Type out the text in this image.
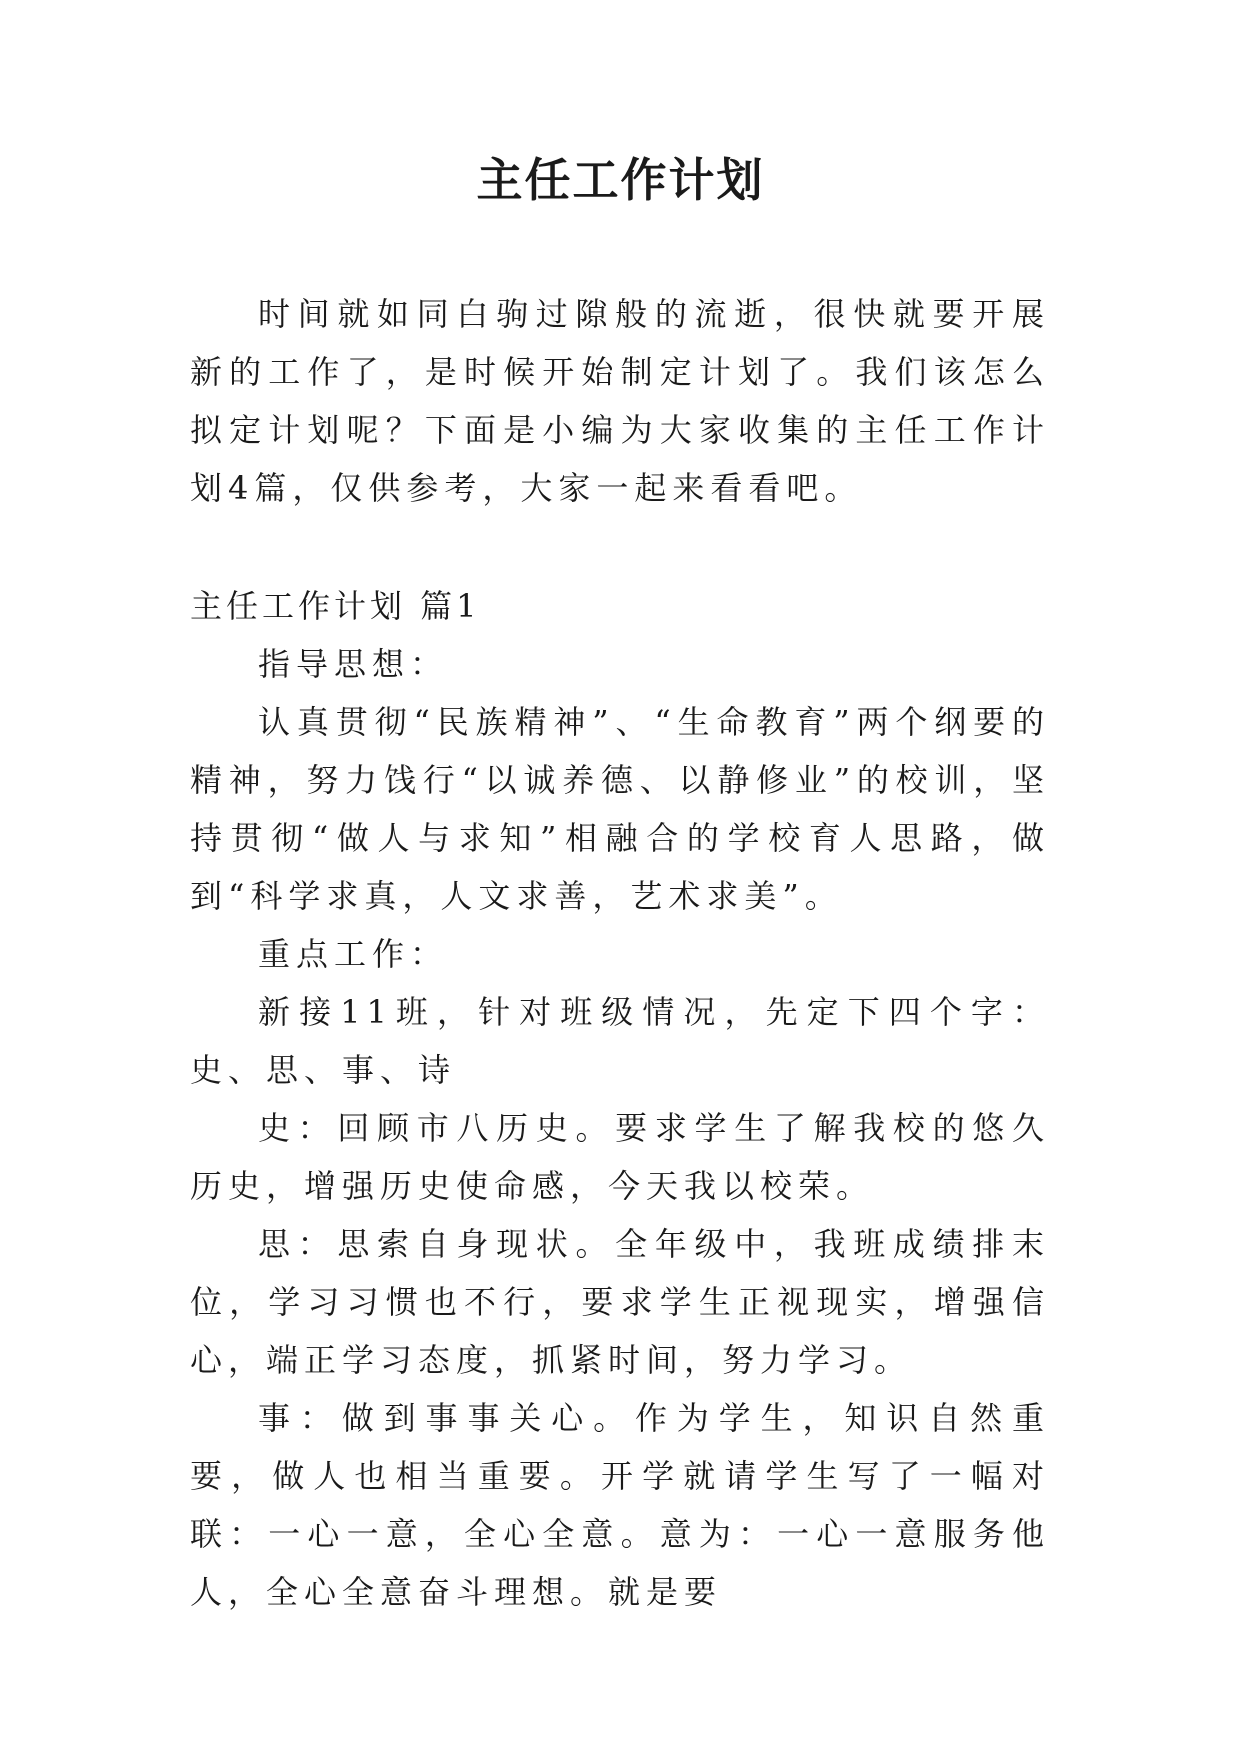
主任工作计划

时间就如同白驹过隙般的流逝，很快就要开展新的工作了，是时候开始制定计划了。我们该怎么拟定计划呢？下面是小编为大家收集的主任工作计划4篇，仅供参考，大家一起来看看吧。

主任工作计划 篇1

指导思想：

认真贯彻“民族精神”、“生命教育”两个纲要的精神，努力饯行“以诚养德、以静修业”的校训，坚持贯彻“做人与求知”相融合的学校育人思路，做到“科学求真，人文求善，艺术求美”。

重点工作：

新接11班，针对班级情况，先定下四个字：史、思、事、诗

史：回顾市八历史。要求学生了解我校的悠久历史，增强历史使命感，今天我以校荣。

思：思索自身现状。全年级中，我班成绩排末位，学习习惯也不行，要求学生正视现实，增强信心，端正学习态度，抓紧时间，努力学习。

事：做到事事关心。作为学生，知识自然重要，做人也相当重要。开学就请学生写了一幅对联：一心一意，全心全意。意为：一心一意服务他人，全心全意奋斗理想。就是要
